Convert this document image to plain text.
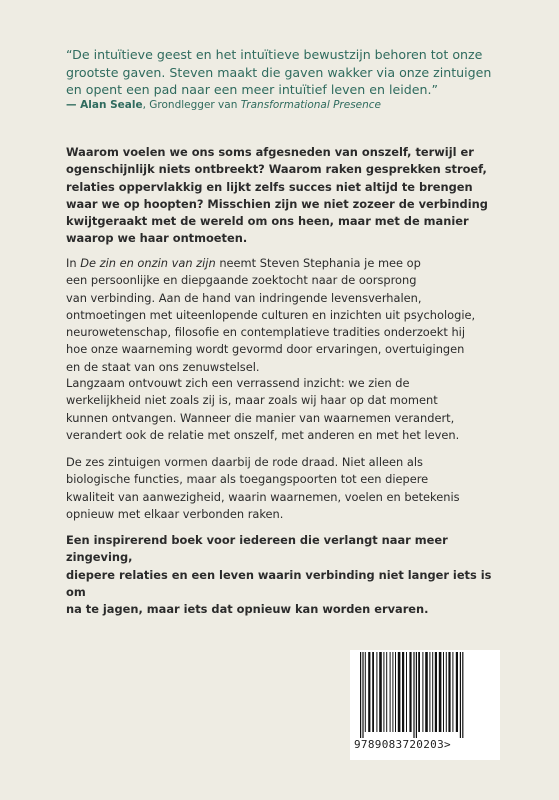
“De intuïtieve geest en het intuïtieve bewustzijn behoren tot onze

grootste gaven. Steven maakt die gaven wakker via onze zintuigen

en opent een pad naar een meer intuïtief leven en leiden.”

— Alan Seale, Grondlegger van Transformational Presence

Waarom voelen we ons soms afgesneden van onszelf, terwijl er

ogenschijnlijk niets ontbreekt? Waarom raken gesprekken stroef,

relaties oppervlakkig en lijkt zelfs succes niet altijd te brengen

waar we op hoopten? Misschien zijn we niet zozeer de verbinding

kwijtgeraakt met de wereld om ons heen, maar met de manier

waarop we haar ontmoeten.

In De zin en onzin van zijn neemt Steven Stephania je mee op

een persoonlijke en diepgaande zoektocht naar de oorsprong

van verbinding. Aan de hand van indringende levensverhalen,

ontmoetingen met uiteenlopende culturen en inzichten uit psychologie,

neurowetenschap, filosofie en contemplatieve tradities onderzoekt hij

hoe onze waarneming wordt gevormd door ervaringen, overtuigingen

en de staat van ons zenuwstelsel.

Langzaam ontvouwt zich een verrassend inzicht: we zien de

werkelijkheid niet zoals zij is, maar zoals wij haar op dat moment

kunnen ontvangen. Wanneer die manier van waarnemen verandert,

verandert ook de relatie met onszelf, met anderen en met het leven.

De zes zintuigen vormen daarbij de rode draad. Niet alleen als

biologische functies, maar als toegangspoorten tot een diepere

kwaliteit van aanwezigheid, waarin waarnemen, voelen en betekenis

opnieuw met elkaar verbonden raken.

Een inspirerend boek voor iedereen die verlangt naar meer zingeving,

diepere relaties en een leven waarin verbinding niet langer iets is om

na te jagen, maar iets dat opnieuw kan worden ervaren.

9789083720203>
